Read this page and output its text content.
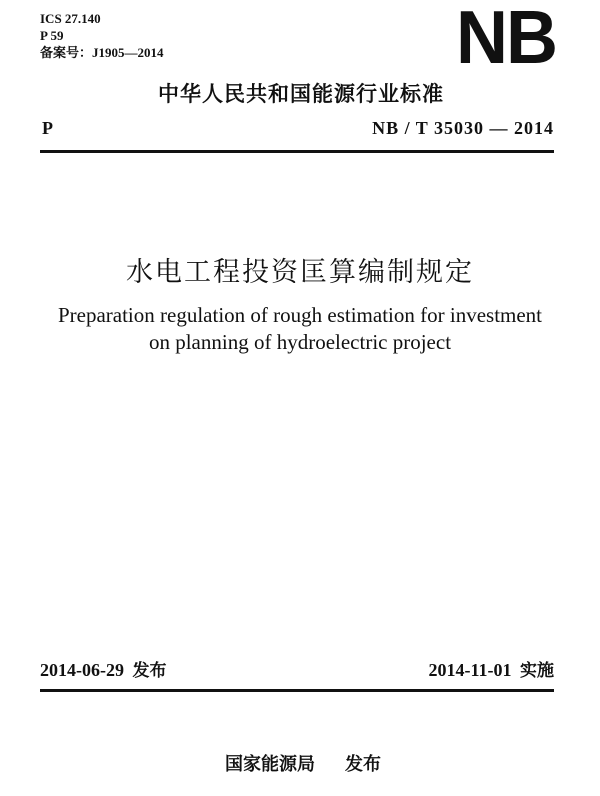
ICS 27.140
P 59
备案号：J1905—2014	NB
中华人民共和国能源行业标准
P	NB / T 35030 — 2014
水电工程投资匡算编制规定
Preparation regulation of rough estimation for investment
on planning of hydroelectric project
2014-06-29 发布	2014-11-01 实施
国家能源局 发布
